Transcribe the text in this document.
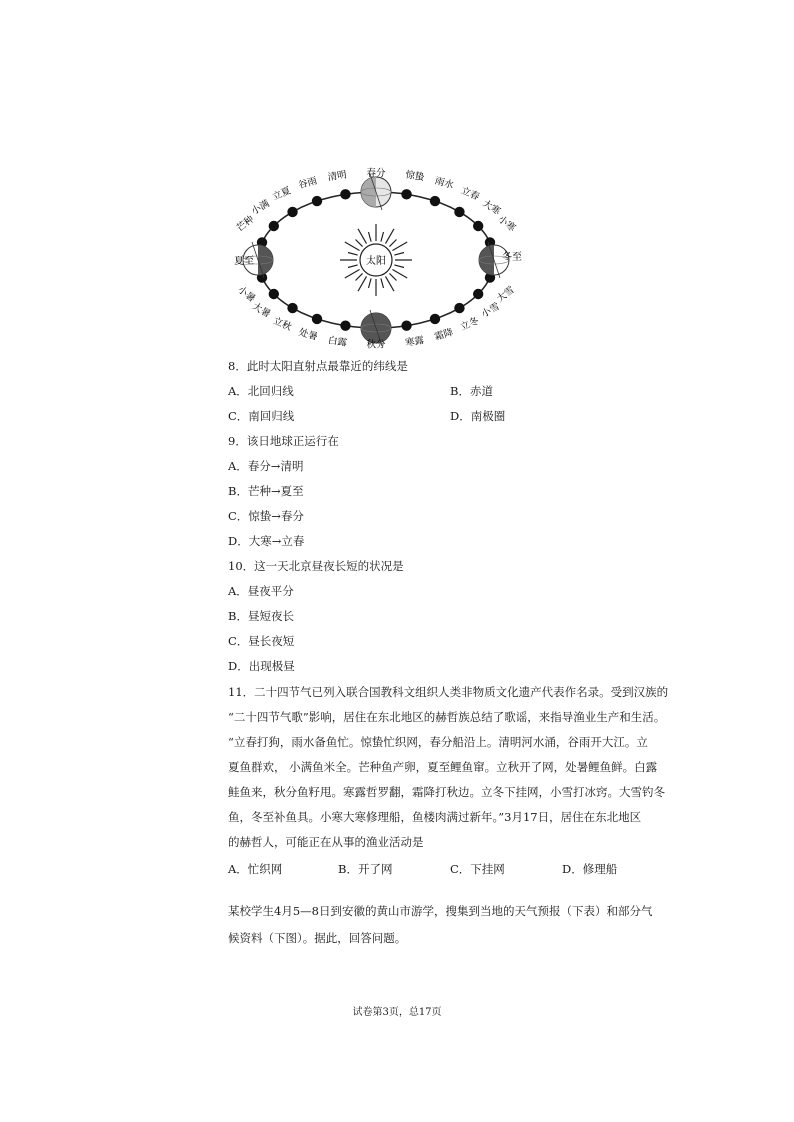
太阳
芒种
小满
立夏
谷雨 清明 春分 惊蛰 雨水
立春
大寒
小寒
小暑
大暑
立秋
处暑 白露 秋分 寒露 霜降
立冬
小雪
大雪
夏至	冬至
8．此时太阳直射点最靠近的纬线是
A．北回归线	B．赤道
C．南回归线	D．南极圈
9．该日地球正运行在
A．春分→清明
B．芒种→夏至
C．惊蛰→春分
D．大寒→立春
10．这一天北京昼夜长短的状况是
A．昼夜平分
B．昼短夜长
C．昼长夜短
D．出现极昼
11．二十四节气已列入联合国教科文组织人类非物质文化遗产代表作名录。受到汉族的
“二十四节气歌”影响，居住在东北地区的赫哲族总结了歌谣，来指导渔业生产和生活。
“立春打狗，雨水备鱼忙。惊蛰忙织网，春分船沿上。清明河水涌，谷雨开大江。立
夏鱼群欢， 小满鱼米全。芒种鱼产卵，夏至鲤鱼窜。立秋开了网，处暑鲤鱼鲜。白露
鲑鱼来，秋分鱼籽甩。寒露哲罗翻，霜降打秋边。立冬下挂网，小雪打冰窍。大雪钓冬
鱼，冬至补鱼具。小寒大寒修理船，鱼楼肉满过新年。”3月17日，居住在东北地区
的赫哲人，可能正在从事的渔业活动是
A．忙织网	B．开了网	C．下挂网	D．修理船
某校学生4月5—8日到安徽的黄山市游学，搜集到当地的天气预报（下表）和部分气
候资料（下图）。据此，回答问题。
试卷第3页，总17页
